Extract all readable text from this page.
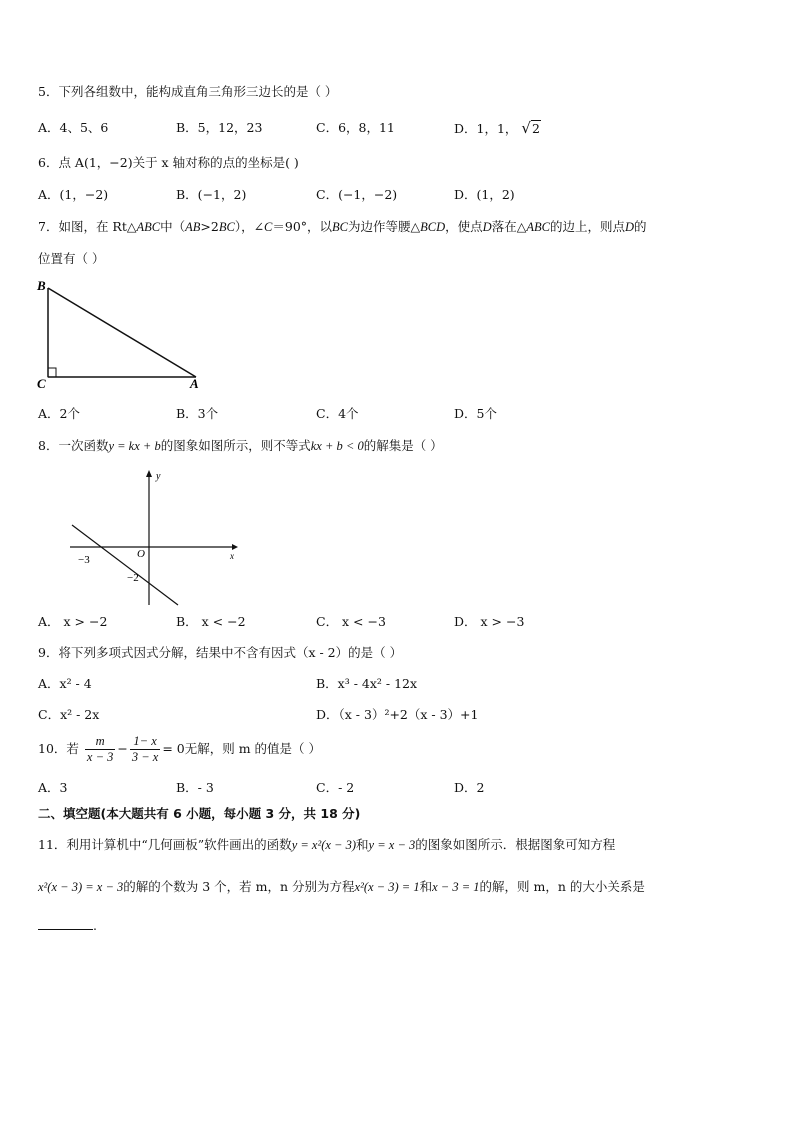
5．下列各组数中，能构成直角三角形三边长的是（ ）
A．4、5、6	B．5，12，23	C．6，8，11	D．1，1， √2
6．点 A(1，−2)关于 x 轴对称的点的坐标是( )
A．(1，−2)	B．(−1，2)	C．(−1，−2)	D．(1，2)
7．如图，在 Rt△ABC中（AB>2BC），∠C＝90°，以BC为边作等腰△BCD，使点D落在△ABC的边上，则点D的
位置有（ ）
B
C	A
A．2个	B．3个	C．4个	D．5个
8．一次函数y = kx + b的图象如图所示，则不等式kx + b < 0的解集是（ ）
y
x
O
−3
−2
A． x > −2	B． x < −2	C． x < −3	D． x > −3
9．将下列多项式因式分解，结果中不含有因式（x - 2）的是（ ）
A．x² - 4	B．x³ - 4x² - 12x
C．x² - 2x	D．（x - 3）²+2（x - 3）+1
10．若 $\frac{m}{x - 3} - \frac{1- x}{3 - x} = 0$无解，则 m 的值是（ ）
A．3	B．- 3	C．- 2	D．2
二、填空题(本大题共有 6 小题，每小题 3 分，共 18 分)
11．利用计算机中“几何画板”软件画出的函数y = x²(x − 3)和y = x − 3的图象如图所示．根据图象可知方程
x²(x − 3) = x − 3的解的个数为 3 个，若 m，n 分别为方程x²(x − 3) = 1和x − 3 = 1的解，则 m，n 的大小关系是
.
